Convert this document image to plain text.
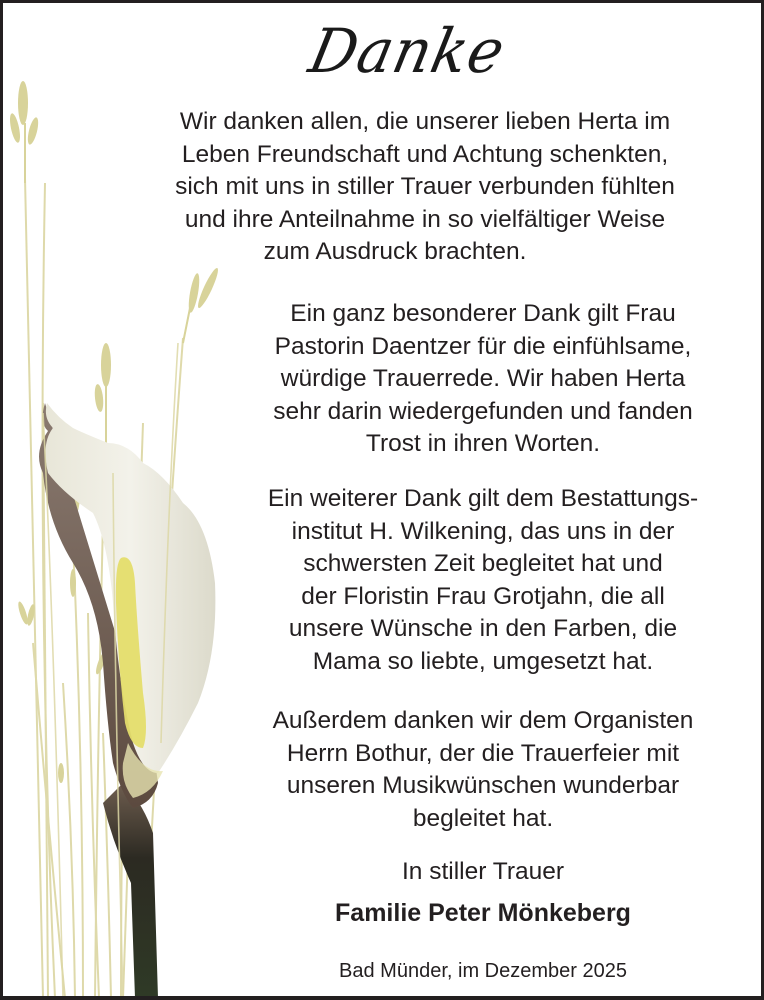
Danke
Wir danken allen, die unserer lieben Herta im
Leben Freundschaft und Achtung schenkten,
sich mit uns in stiller Trauer verbunden fühlten
und ihre Anteilnahme in so vielfältiger Weise
zum Ausdruck brachten.
Ein ganz besonderer Dank gilt Frau
Pastorin Daentzer für die einfühlsame,
würdige Trauerrede. Wir haben Herta
sehr darin wiedergefunden und fanden
Trost in ihren Worten.
Ein weiterer Dank gilt dem Bestattungs-
institut H. Wilkening, das uns in der
schwersten Zeit begleitet hat und
der Floristin Frau Grotjahn, die all
unsere Wünsche in den Farben, die
Mama so liebte, umgesetzt hat.
Außerdem danken wir dem Organisten
Herrn Bothur, der die Trauerfeier mit
unseren Musikwünschen wunderbar
begleitet hat.
In stiller Trauer
Familie Peter Mönkeberg
Bad Münder, im Dezember 2025
